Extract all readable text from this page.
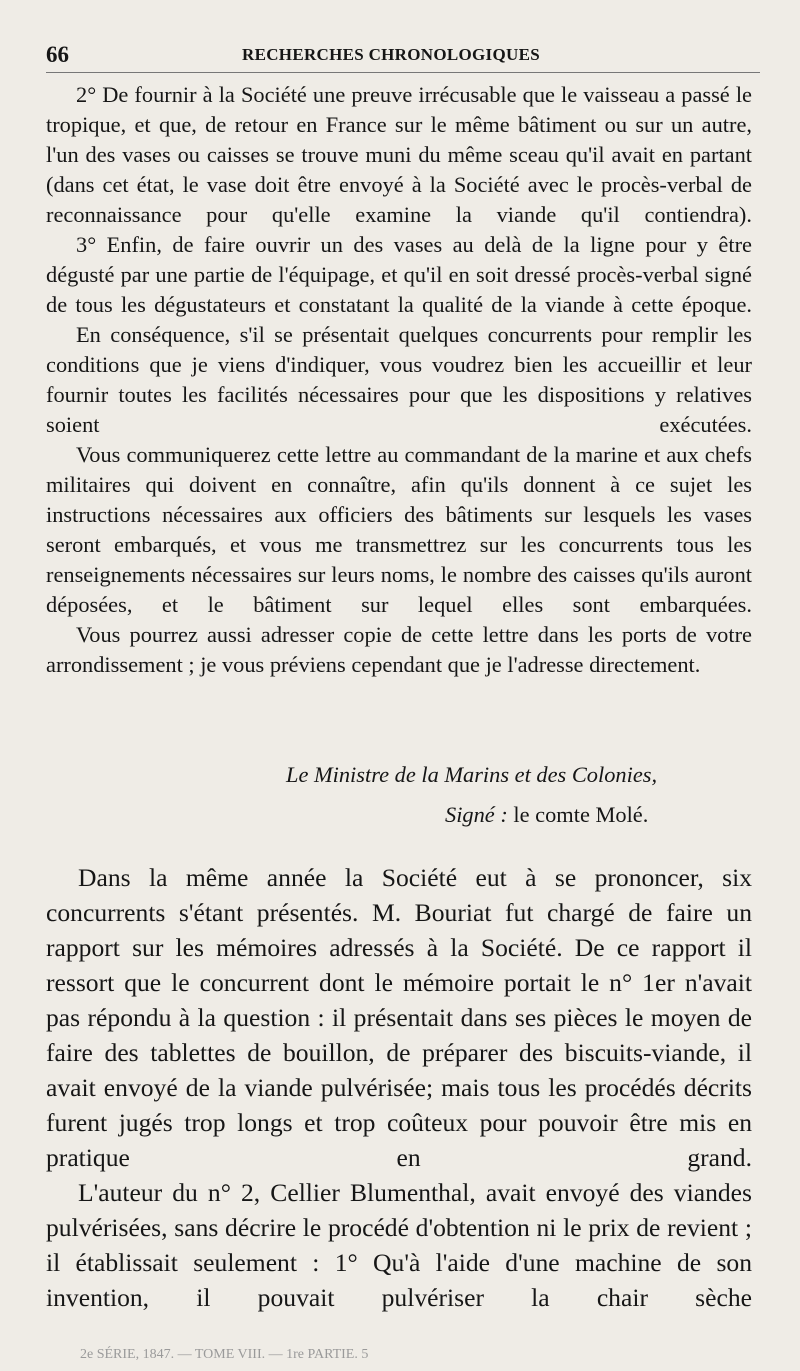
66	RECHERCHES CHRONOLOGIQUES

2° De fournir à la Société une preuve irrécusable que le vaisseau a passé le tropique, et que, de retour en France sur le même bâtiment ou sur un autre, l'un des vases ou caisses se trouve muni du même sceau qu'il avait en partant (dans cet état, le vase doit être envoyé à la Société avec le procès-verbal de reconnaissance pour qu'elle examine la viande qu'il contiendra).

3° Enfin, de faire ouvrir un des vases au delà de la ligne pour y être dégusté par une partie de l'équipage, et qu'il en soit dressé procès-verbal signé de tous les dégustateurs et constatant la qualité de la viande à cette époque.

En conséquence, s'il se présentait quelques concurrents pour remplir les conditions que je viens d'indiquer, vous voudrez bien les accueillir et leur fournir toutes les facilités nécessaires pour que les dispositions y relatives soient exécutées.

Vous communiquerez cette lettre au commandant de la marine et aux chefs militaires qui doivent en connaître, afin qu'ils donnent à ce sujet les instructions nécessaires aux officiers des bâtiments sur lesquels les vases seront embarqués, et vous me transmettrez sur les concurrents tous les renseignements nécessaires sur leurs noms, le nombre des caisses qu'ils auront déposées, et le bâtiment sur lequel elles sont embarquées.

Vous pourrez aussi adresser copie de cette lettre dans les ports de votre arrondissement ; je vous préviens cependant que je l'adresse directement.

Le Ministre de la Marins et des Colonies,
Signé : le comte Molé.

Dans la même année la Société eut à se prononcer, six concurrents s'étant présentés. M. Bouriat fut chargé de faire un rapport sur les mémoires adressés à la Société. De ce rapport il ressort que le concurrent dont le mémoire portait le n° 1er n'avait pas répondu à la question : il présentait dans ses pièces le moyen de faire des tablettes de bouillon, de préparer des biscuits-viande, il avait envoyé de la viande pulvérisée; mais tous les procédés décrits furent jugés trop longs et trop coûteux pour pouvoir être mis en pratique en grand.

L'auteur du n° 2, Cellier Blumenthal, avait envoyé des viandes pulvérisées, sans décrire le procédé d'obtention ni le prix de revient ; il établissait seulement : 1° Qu'à l'aide d'une machine de son invention, il pouvait pulvériser la chair sèche

2e SÉRIE, 1847. — TOME VIII. — 1re PARTIE. 5
